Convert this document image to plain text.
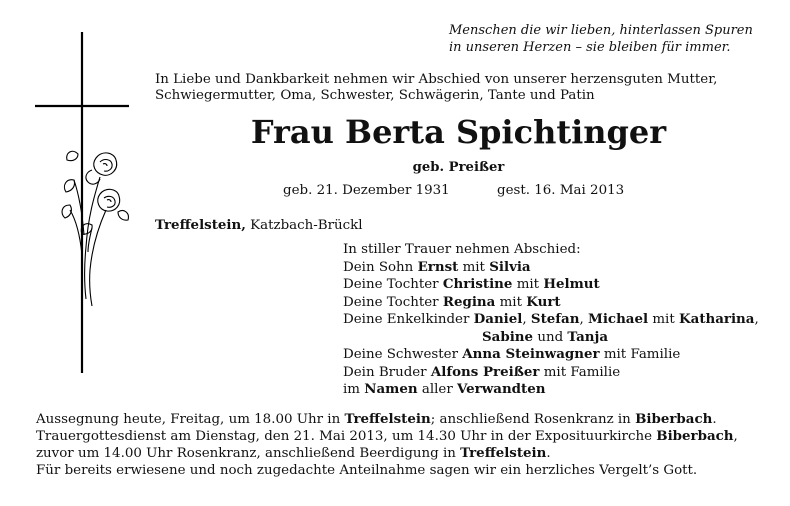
Menschen die wir lieben, hinterlassen Spuren
in unseren Herzen – sie bleiben für immer.
In Liebe und Dankbarkeit nehmen wir Abschied von unserer herzensguten Mutter,
Schwiegermutter, Oma, Schwester, Schwägerin, Tante und Patin
Frau Berta Spichtinger
geb. Preißer
geb. 21. Dezember 1931	gest. 16. Mai 2013
Treffelstein, Katzbach-Brückl
In stiller Trauer nehmen Abschied:
Dein Sohn Ernst mit Silvia
Deine Tochter Christine mit Helmut
Deine Tochter Regina mit Kurt
Deine Enkelkinder Daniel, Stefan, Michael mit Katharina,
Sabine und Tanja
Deine Schwester Anna Steinwagner mit Familie
Dein Bruder Alfons Preißer mit Familie
im Namen aller Verwandten
Aussegnung heute, Freitag, um 18.00 Uhr in Treffelstein; anschließend Rosenkranz in Biberbach.
Trauergottesdienst am Dienstag, den 21. Mai 2013, um 14.30 Uhr in der Exposituurkirche Biberbach,
zuvor um 14.00 Uhr Rosenkranz, anschließend Beerdigung in Treffelstein.
Für bereits erwiesene und noch zugedachte Anteilnahme sagen wir ein herzliches Vergelt’s Gott.
